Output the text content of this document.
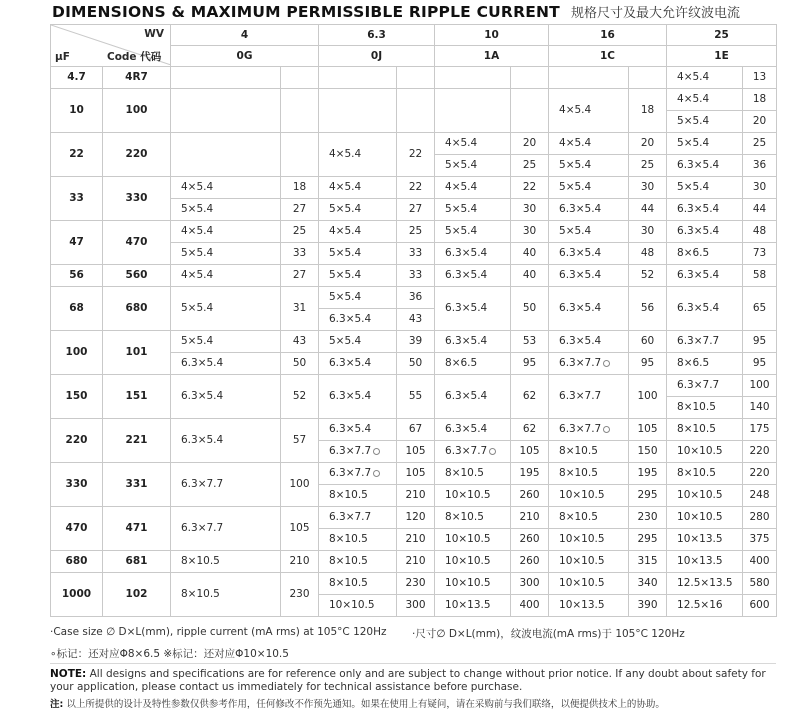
DIMENSIONS & MAXIMUM PERMISSIBLE RIPPLE CURRENT 规格尺寸及最大允许纹波电流
WV
µF Code 代码		4		6.3		10		16		25	
		0G		0J		1A		1C		1E	
4.7	4R7									4×5.4	13
10	100							4×5.4	18	4×5.4	18
										5×5.4	20
22	220			4×5.4	22	4×5.4	20	4×5.4	20	5×5.4	25
						5×5.4	25	5×5.4	25	6.3×5.4	36
33	330	4×5.4	18	4×5.4	22	4×5.4	22	5×5.4	30	5×5.4	30
		5×5.4	27	5×5.4	27	5×5.4	30	6.3×5.4	44	6.3×5.4	44
47	470	4×5.4	25	4×5.4	25	5×5.4	30	5×5.4	30	6.3×5.4	48
		5×5.4	33	5×5.4	33	6.3×5.4	40	6.3×5.4	48	8×6.5	73
56	560	4×5.4	27	5×5.4	33	6.3×5.4	40	6.3×5.4	52	6.3×5.4	58
68	680	5×5.4	31	5×5.4	36	6.3×5.4	50	6.3×5.4	56	6.3×5.4	65
				6.3×5.4	43						
100	101	5×5.4	43	5×5.4	39	6.3×5.4	53	6.3×5.4	60	6.3×7.7	95
		6.3×5.4	50	6.3×5.4	50	8×6.5	95	6.3×7.7	95	8×6.5	95
150	151	6.3×5.4	52	6.3×5.4	55	6.3×5.4	62	6.3×7.7	100	6.3×7.7	100
										8×10.5	140
220	221	6.3×5.4	57	6.3×5.4	67	6.3×5.4	62	6.3×7.7	105	8×10.5	175
				6.3×7.7	105	6.3×7.7	105	8×10.5	150	10×10.5	220
330	331	6.3×7.7	100	6.3×7.7	105	8×10.5	195	8×10.5	195	8×10.5	220
				8×10.5	210	10×10.5	260	10×10.5	295	10×10.5	248
470	471	6.3×7.7	105	6.3×7.7	120	8×10.5	210	8×10.5	230	10×10.5	280
				8×10.5	210	10×10.5	260	10×10.5	295	10×13.5	375
680	681	8×10.5	210	8×10.5	210	10×10.5	260	10×10.5	315	10×13.5	400
1000	102	8×10.5	230	8×10.5	230	10×10.5	300	10×10.5	340	12.5×13.5	580
				10×10.5	300	10×13.5	400	10×13.5	390	12.5×16	600
·Case size ∅ D×L(mm), ripple current (mA rms) at 105°C 120Hz ·尺寸∅ D×L(mm)，纹波电流(mA rms)于 105°C 120Hz
∘标记：还对应Φ8×6.5 ※标记：还对应Φ10×10.5
NOTE: All designs and specifications are for reference only and are subject to change without prior notice. If any doubt about safety for your application, please contact us immediately for technical assistance before purchase.
注: 以上所提供的设计及特性参数仅供参考作用，任何修改不作预先通知。如果在使用上有疑问，请在采购前与我们联络，以便提供技术上的协助。
